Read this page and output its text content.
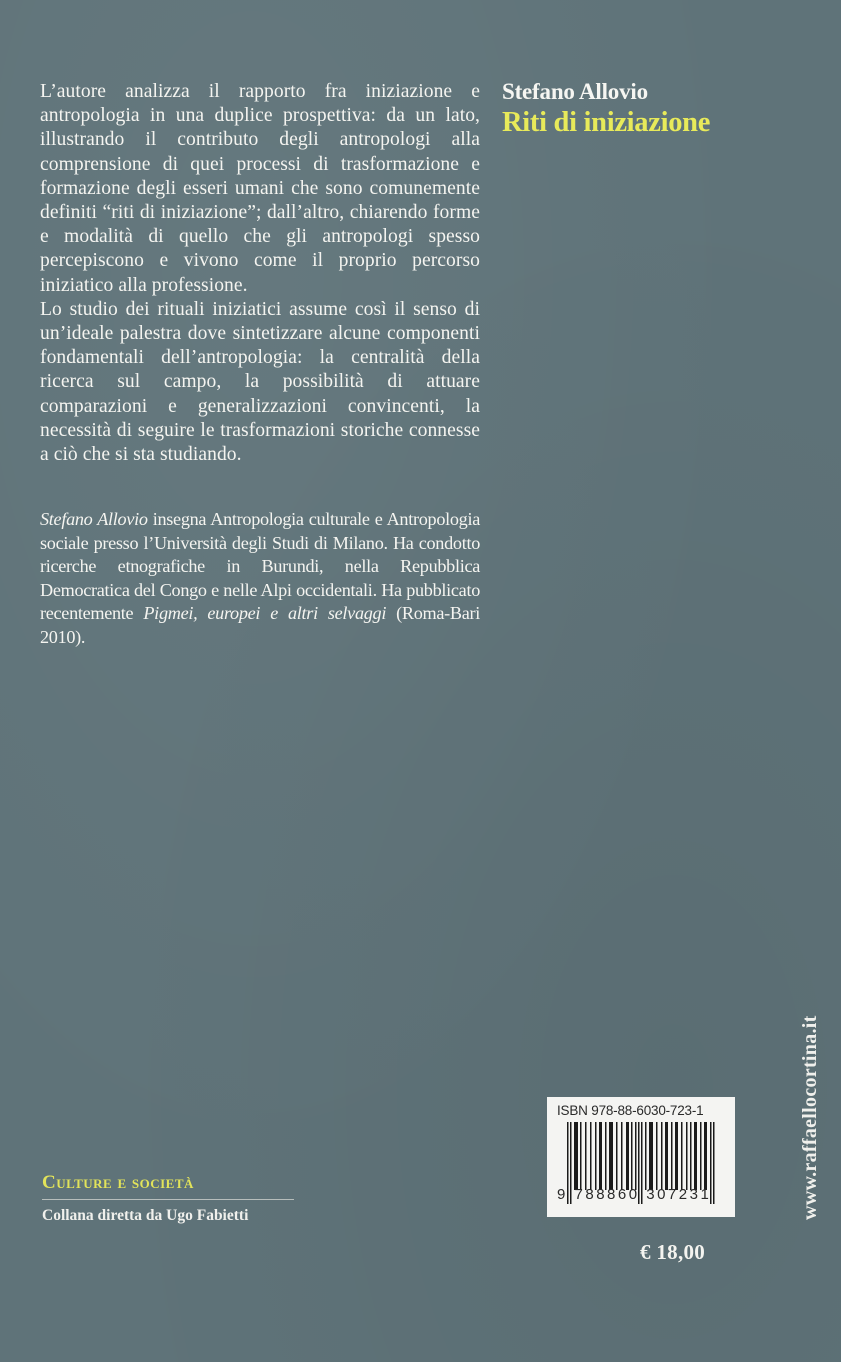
L’autore analizza il rapporto fra iniziazione e antropologia in una duplice prospettiva: da un lato, illustrando il contributo degli antropologi alla comprensione di quei processi di trasformazione e formazione degli esseri umani che sono comunemente definiti “riti di iniziazione”; dall’altro, chiarendo forme e modalità di quello che gli antropologi spesso percepiscono e vivono come il proprio percorso iniziatico alla professione.

Lo studio dei rituali iniziatici assume così il senso di un’ideale palestra dove sintetizzare alcune componenti fondamentali dell’antropologia: la centralità della ricerca sul campo, la possibilità di attuare comparazioni e generalizzazioni convincenti, la necessità di seguire le trasformazioni storiche connesse a ciò che si sta studiando.

Stefano Allovio insegna Antropologia culturale e Antropologia sociale presso l’Università degli Studi di Milano. Ha condotto ricerche etnografiche in Burundi, nella Repubblica Democratica del Congo e nelle Alpi occidentali. Ha pubblicato recentemente Pigmei, europei e altri selvaggi (Roma-Bari 2010).

Stefano Allovio
Riti di iniziazione
Culture e società
Collana diretta da Ugo Fabietti
ISBN 978-88-6030-723-1
9 788860 307231
€ 18,00
www.raffaellocortina.it
